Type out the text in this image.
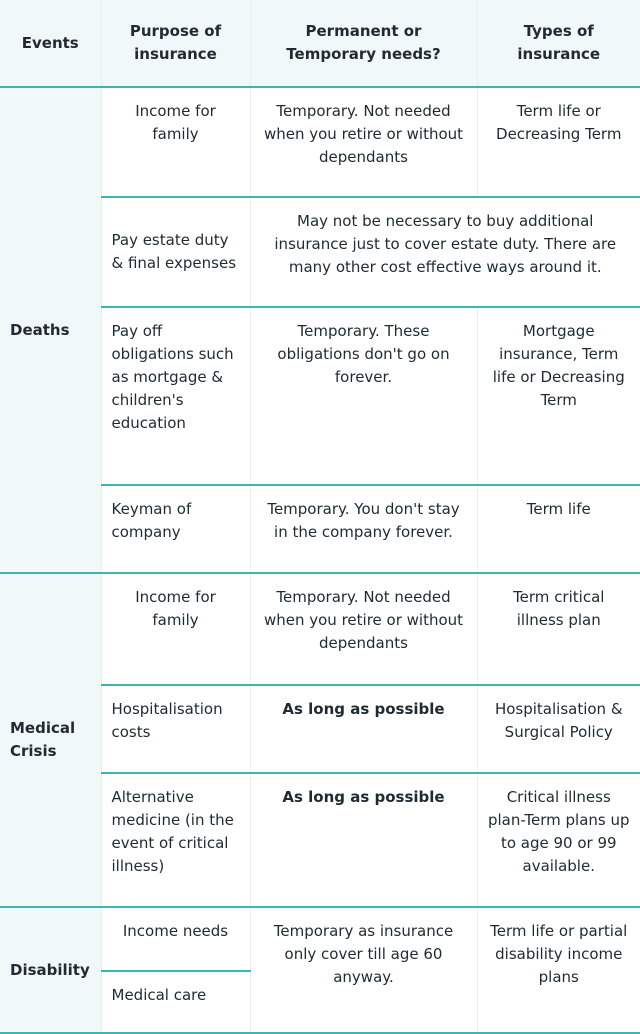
Events	Purpose of insurance	Permanent or Temporary needs?	Types of insurance
Deaths	Income for family	Temporary. Not needed when you retire or without dependants	Term life or Decreasing Term
	Pay estate duty & final expenses	May not be necessary to buy additional insurance just to cover estate duty. There are many other cost effective ways around it.	
	Pay off obligations such as mortgage & children's education	Temporary. These obligations don't go on forever.	Mortgage insurance, Term life or Decreasing Term
	Keyman of company	Temporary. You don't stay in the company forever.	Term life
Medical Crisis	Income for family	Temporary. Not needed when you retire or without dependants	Term critical illness plan
	Hospitalisation costs	As long as possible	Hospitalisation & Surgical Policy
	Alternative medicine (in the event of critical illness)	As long as possible	Critical illness plan-Term plans up to age 90 or 99 available.
Disability	Income needs	Temporary as insurance only cover till age 60 anyway.	Term life or partial disability income plans
	Medical care		
